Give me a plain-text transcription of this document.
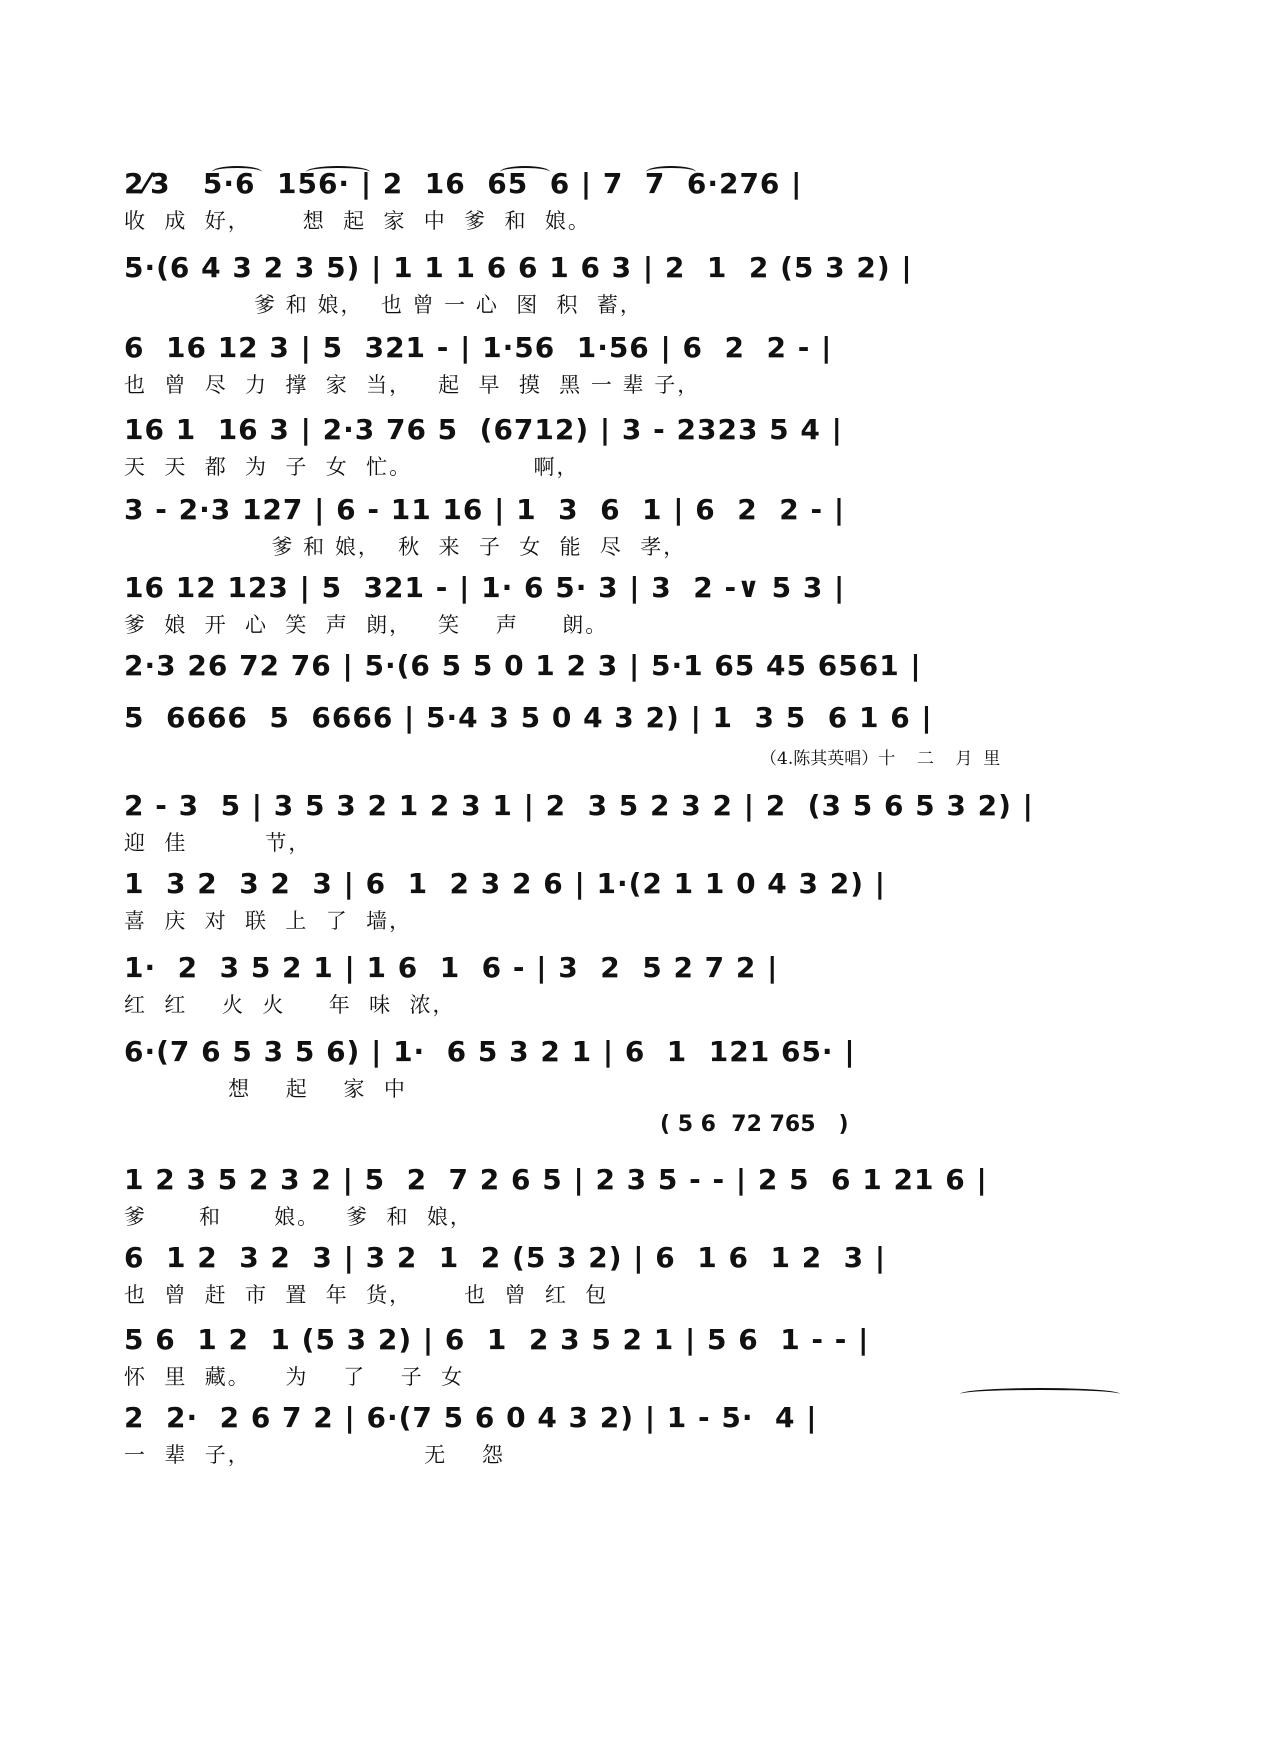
2⁄3   5·6  156· | 2  16  65  6 | 7  7  6·276 |
收  成  好，      想  起  家  中  爹  和  娘。
5·(6 4 3 2 3 5) | 1 1 1 6 6 1 6 3 | 2  1  2 (5 3 2) |
爹 和 娘，  也 曾 一 心  图  积  蓄，
6  16 12 3 | 5  321 - | 1·56  1·56 | 6  2  2 - |
也  曾  尽  力  撑  家  当，   起  早  摸  黑 一 辈 子，
16 1  16 3 | 2·3 76 5  (6712) | 3 - 2323 5 4 |
天  天  都  为  子  女  忙。              啊，
3 - 2·3 127 | 6 - 11 16 | 1  3  6  1 | 6  2  2 - |
爹 和 娘，  秋  来  子  女  能  尽  孝，
16 12 123 | 5  321 - | 1· 6 5· 3 | 3  2 -∨ 5 3 |
爹  娘  开  心  笑  声  朗，   笑    声     朗。
2·3 26 72 76 | 5·(6 5 5 0 1 2 3 | 5·1 65 45 6561 |
5  6666  5  6666 | 5·4 3 5 0 4 3 2) | 1  3 5  6 1 6 |
（4.陈其英唱）十    二    月  里
2 - 3  5 | 3 5 3 2 1 2 3 1 | 2  3 5 2 3 2 | 2  (3 5 6 5 3 2) |
迎  佳         节，
1  3 2  3 2  3 | 6  1  2 3 2 6 | 1·(2 1 1 0 4 3 2) |
喜  庆  对  联  上  了  墙，
1·  2  3 5 2 1 | 1 6  1  6 - | 3  2  5 2 7 2 |
红  红    火  火     年  味  浓，
6·(7 6 5 3 5 6) | 1·  6 5 3 2 1 | 6  1  121 65· |
想    起    家  中
( 5 6  72 765   )
1 2 3 5 2 3 2 | 5  2  7 2 6 5 | 2 3 5 - - | 2 5  6 1 21 6 |
爹      和      娘。   爹  和  娘，
6  1 2  3 2  3 | 3 2  1  2 (5 3 2) | 6  1 6  1 2  3 |
也  曾  赶  市  置  年  货，      也  曾  红  包
5 6  1 2  1 (5 3 2) | 6  1  2 3 5 2 1 | 5 6  1 - - |
怀  里  藏。    为    了    子  女
2  2·  2 6 7 2 | 6·(7 5 6 0 4 3 2) | 1 - 5·  4 |
一  辈  子，                    无    怨
